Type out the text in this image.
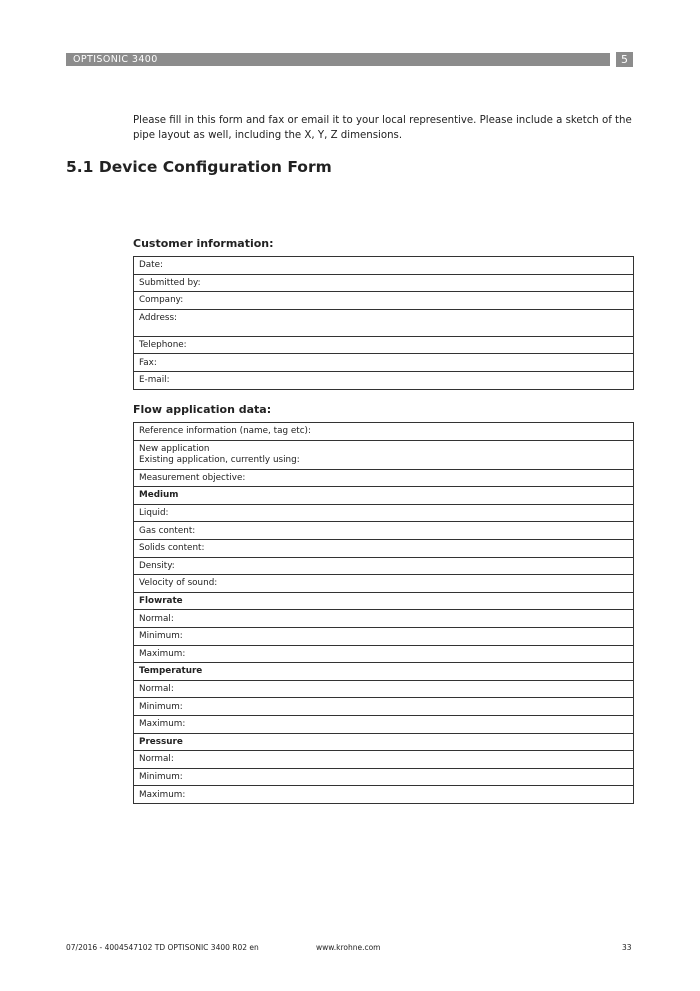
OPTISONIC 3400	5
Please fill in this form and fax or email it to your local representive. Please include a sketch of the pipe layout as well, including the X, Y, Z dimensions.
5.1 Device Configuration Form
Customer information:
Date:
Submitted by:
Company:
Address:
Telephone:
Fax:
E-mail:
Flow application data:
Reference information (name, tag etc):

New application
Existing application, currently using:

Measurement objective:
Medium
Liquid:
Gas content:
Solids content:
Density:
Velocity of sound:
Flowrate
Normal:
Minimum:
Maximum:
Temperature
Normal:
Minimum:
Maximum:
Pressure
Normal:
Minimum:
Maximum:
07/2016 - 4004547102 TD OPTISONIC 3400 R02 en	www.krohne.com	33
